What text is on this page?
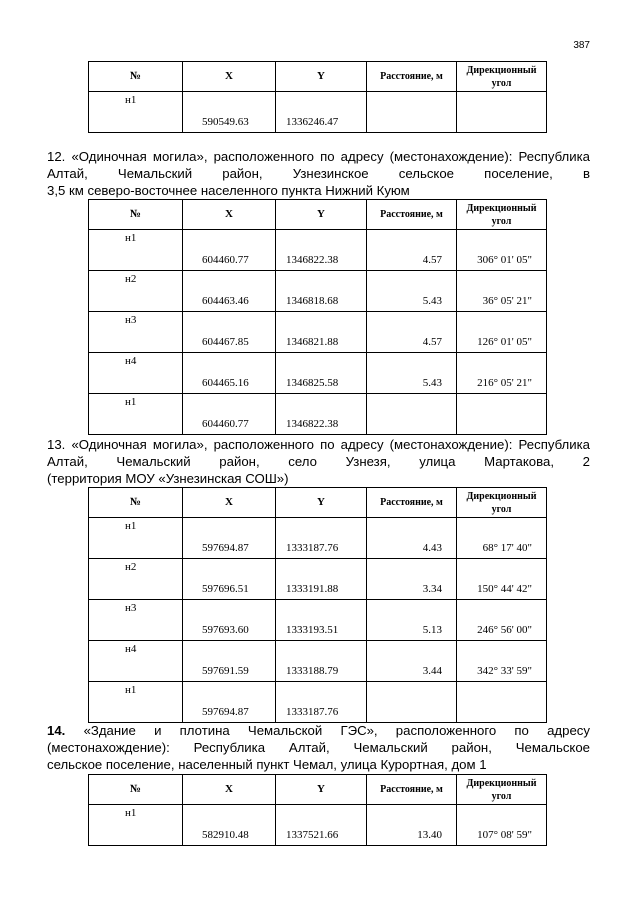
387
№	X	Y	Расстояние, м	Дирекционный угол
н1	590549.63	1336246.47		
12. «Одиночная могила», расположенного по адресу (местонахождение): Республика Алтай, Чемальский район, Узнезинское сельское поселение, в
3,5 км северо-восточнее населенного пункта Нижний Куюм
№	X	Y	Расстояние, м	Дирекционный угол
н1	604460.77	1346822.38	4.57	306° 01' 05"
н2	604463.46	1346818.68	5.43	36° 05' 21"
н3	604467.85	1346821.88	4.57	126° 01' 05"
н4	604465.16	1346825.58	5.43	216° 05' 21"
н1	604460.77	1346822.38		
13. «Одиночная могила», расположенного по адресу (местонахождение): Республика Алтай, Чемальский район, село Узнезя, улица Мартакова, 2
(территория МОУ «Узнезинская СОШ»)
№	X	Y	Расстояние, м	Дирекционный угол
н1	597694.87	1333187.76	4.43	68° 17' 40"
н2	597696.51	1333191.88	3.34	150° 44' 42"
н3	597693.60	1333193.51	5.13	246° 56' 00"
н4	597691.59	1333188.79	3.44	342° 33' 59"
н1	597694.87	1333187.76		
14. «Здание и плотина Чемальской ГЭС», расположенного по адресу (местонахождение): Республика Алтай, Чемальский район, Чемальское
сельское поселение, населенный пункт Чемал, улица Курортная, дом 1
№	X	Y	Расстояние, м	Дирекционный угол
н1	582910.48	1337521.66	13.40	107° 08' 59"
